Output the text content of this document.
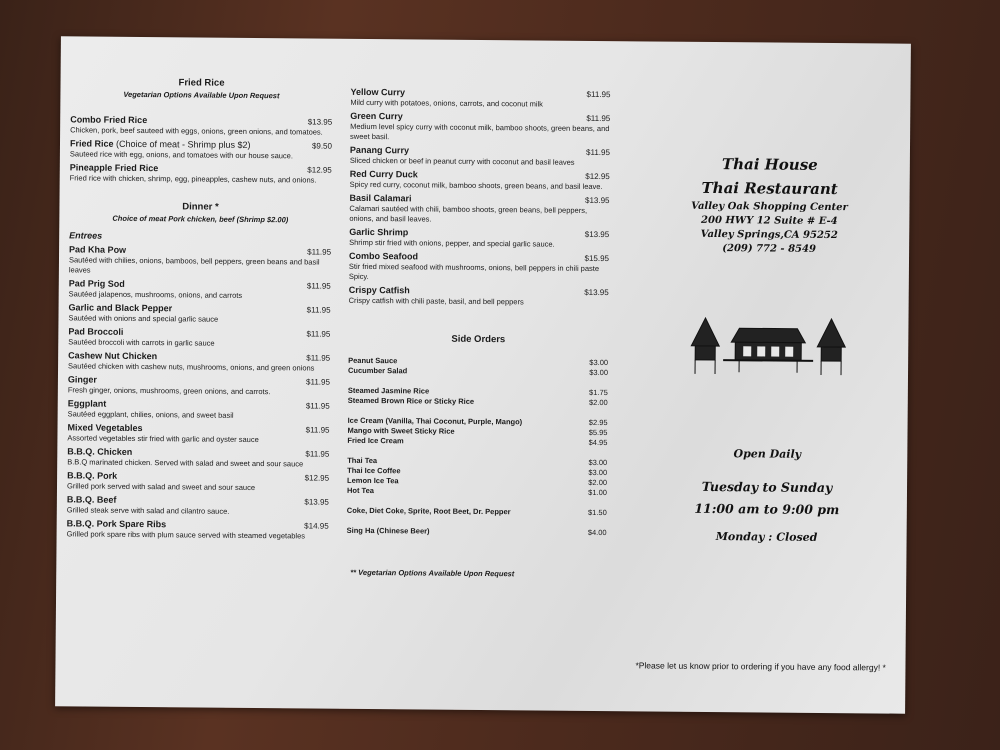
Fried Rice

Vegetarian Options Available Upon Request

Combo Fried Rice	$13.95
Chicken, pork, beef sauteed with eggs, onions, green onions, and tomatoes.
Fried Rice (Choice of meat - Shrimp plus $2)	$9.50
Sauteed rice with egg, onions, and tomatoes with our house sauce.
Pineapple Fried Rice	$12.95
Fried rice with chicken, shrimp, egg, pineapples, cashew nuts, and onions.

Dinner *

Choice of meat Pork chicken, beef (Shrimp $2.00)

Entrees

Pad Kha Pow	$11.95
Sautéed with chilies, onions, bamboos, bell peppers, green beans and basil leaves
Pad Prig Sod	$11.95
Sautéed jalapenos, mushrooms, onions, and carrots
Garlic and Black Pepper	$11.95
Sautéed with onions and special garlic sauce
Pad Broccoli	$11.95
Sautéed broccoli with carrots in garlic sauce
Cashew Nut Chicken	$11.95
Sautéed chicken with cashew nuts, mushrooms, onions, and green onions
Ginger	$11.95
Fresh ginger, onions, mushrooms, green onions, and carrots.
Eggplant	$11.95
Sautéed eggplant, chilies, onions, and sweet basil
Mixed Vegetables	$11.95
Assorted vegetables stir fried with garlic and oyster sauce
B.B.Q. Chicken	$11.95
B.B.Q marinated chicken. Served with salad and sweet and sour sauce
B.B.Q. Pork	$12.95
Grilled pork served with salad and sweet and sour sauce
B.B.Q. Beef	$13.95
Grilled steak serve with salad and cilantro sauce.
B.B.Q. Pork Spare Ribs	$14.95
Grilled pork spare ribs with plum sauce served with steamed vegetables
Yellow Curry	$11.95
Mild curry with potatoes, onions, carrots, and coconut milk
Green Curry	$11.95
Medium level spicy curry with coconut milk, bamboo shoots, green beans, and sweet basil.
Panang Curry	$11.95
Sliced chicken or beef in peanut curry with coconut and basil leaves
Red Curry Duck	$12.95
Spicy red curry, coconut milk, bamboo shoots, green beans, and basil leave.
Basil Calamari	$13.95
Calamari sautéed with chili, bamboo shoots, green beans, bell peppers, onions, and basil leaves.
Garlic Shrimp	$13.95
Shrimp stir fried with onions, pepper, and special garlic sauce.
Combo Seafood	$15.95
Stir fried mixed seafood with mushrooms, onions, bell peppers in chili paste Spicy.
Crispy Catfish	$13.95
Crispy catfish with chili paste, basil, and bell peppers

Side Orders

Peanut Sauce	$3.00
Cucumber Salad	$3.00
Steamed Jasmine Rice	$1.75
Steamed Brown Rice or Sticky Rice	$2.00
Ice Cream (Vanilla, Thai Coconut, Purple, Mango)	$2.95
Mango with Sweet Sticky Rice	$5.95
Fried Ice Cream	$4.95
Thai Tea	$3.00
Thai Ice Coffee	$3.00
Lemon Ice Tea	$2.00
Hot Tea	$1.00
Coke, Diet Coke, Sprite, Root Beet, Dr. Pepper	$1.50
Sing Ha (Chinese Beer)	$4.00

** Vegetarian Options Available Upon Request

Thai House
Thai Restaurant
Valley Oak Shopping Center
200 HWY 12 Suite # E-4
Valley Springs,CA 95252
(209) 772 - 8549
Open Daily
Tuesday to Sunday
11:00 am to 9:00 pm
Monday : Closed
*Please let us know prior to ordering if you have any food allergy! *
